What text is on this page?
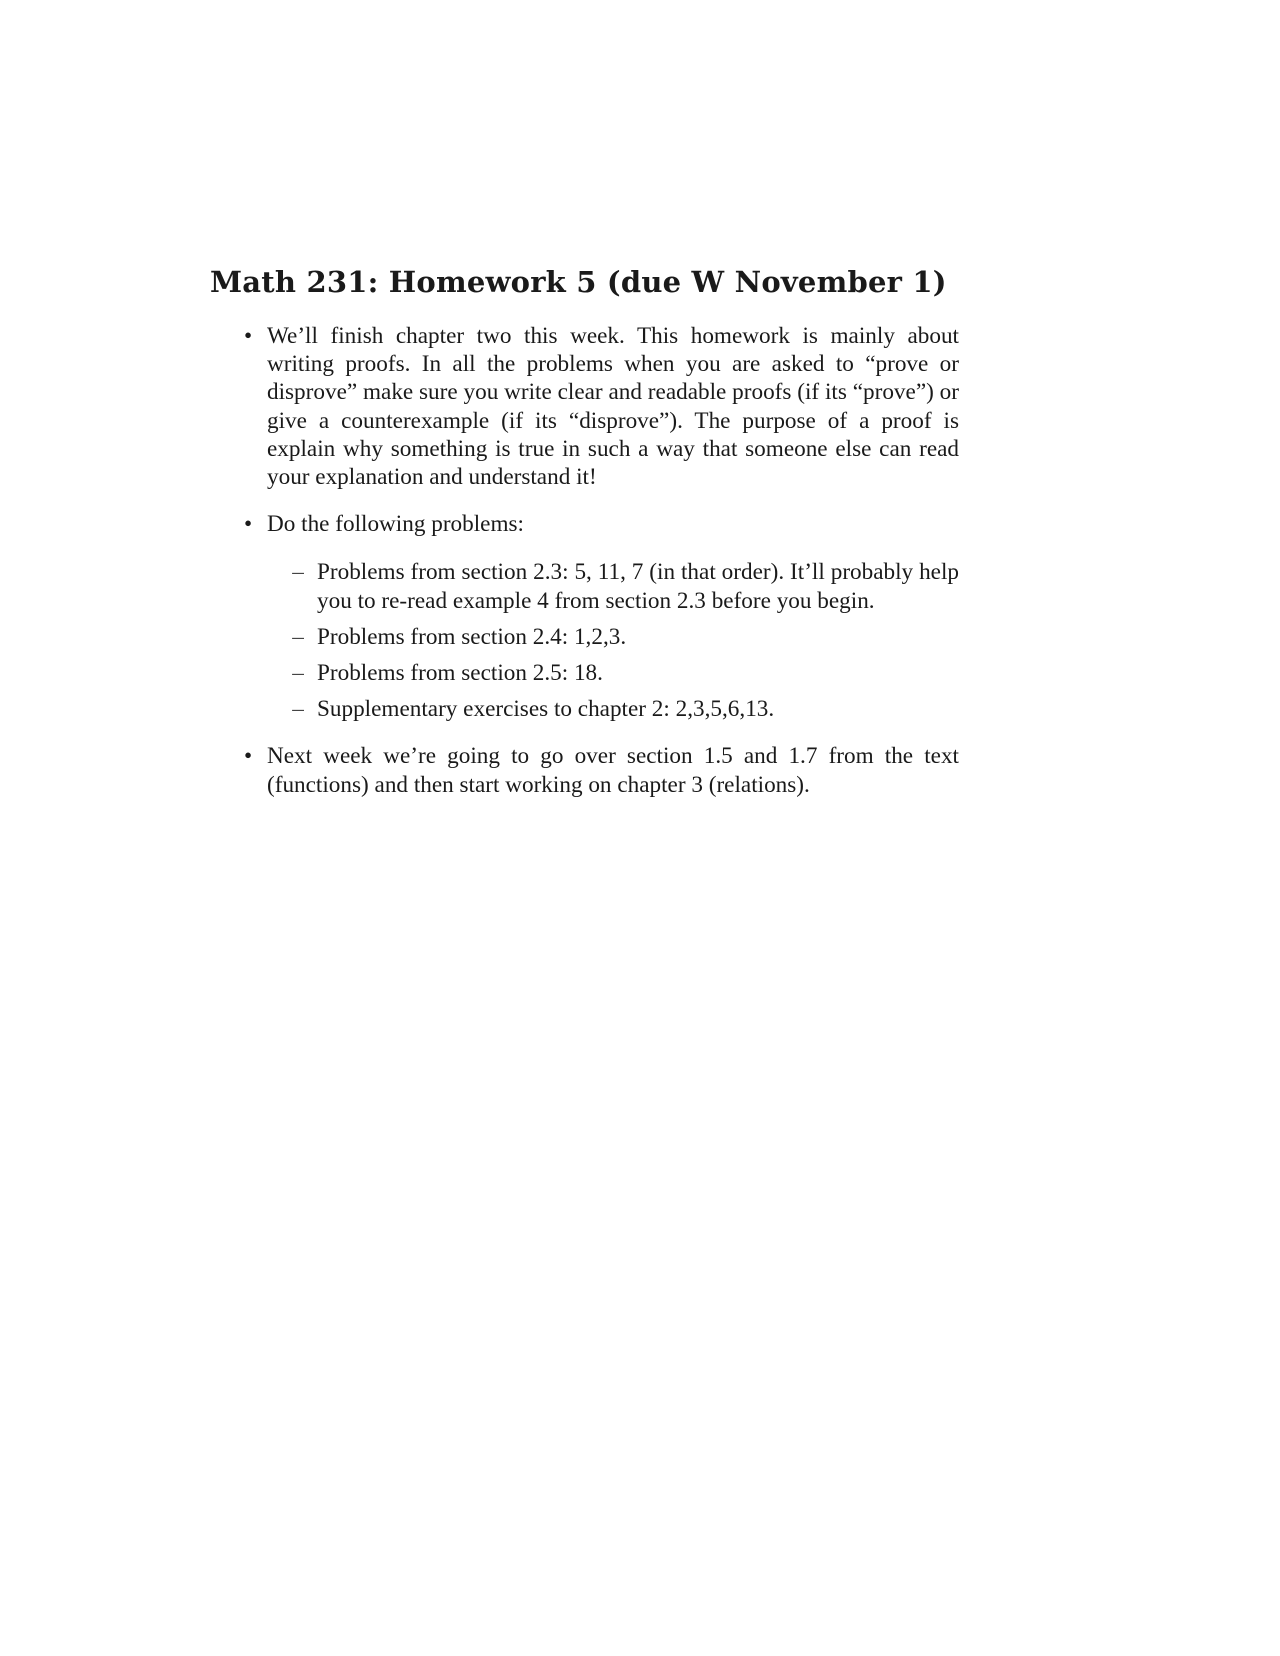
Math 231: Homework 5 (due W November 1)
• We’ll finish chapter two this week. This homework is mainly about writing proofs. In all the problems when you are asked to “prove or disprove” make sure you write clear and readable proofs (if its “prove”) or give a counterexample (if its “disprove”). The purpose of a proof is explain why something is true in such a way that someone else can read your explanation and understand it!
• Do the following problems:
– Problems from section 2.3: 5, 11, 7 (in that order). It’ll probably help you to re-read example 4 from section 2.3 before you begin.
– Problems from section 2.4: 1,2,3.
– Problems from section 2.5: 18.
– Supplementary exercises to chapter 2: 2,3,5,6,13.
• Next week we’re going to go over section 1.5 and 1.7 from the text (functions) and then start working on chapter 3 (relations).
